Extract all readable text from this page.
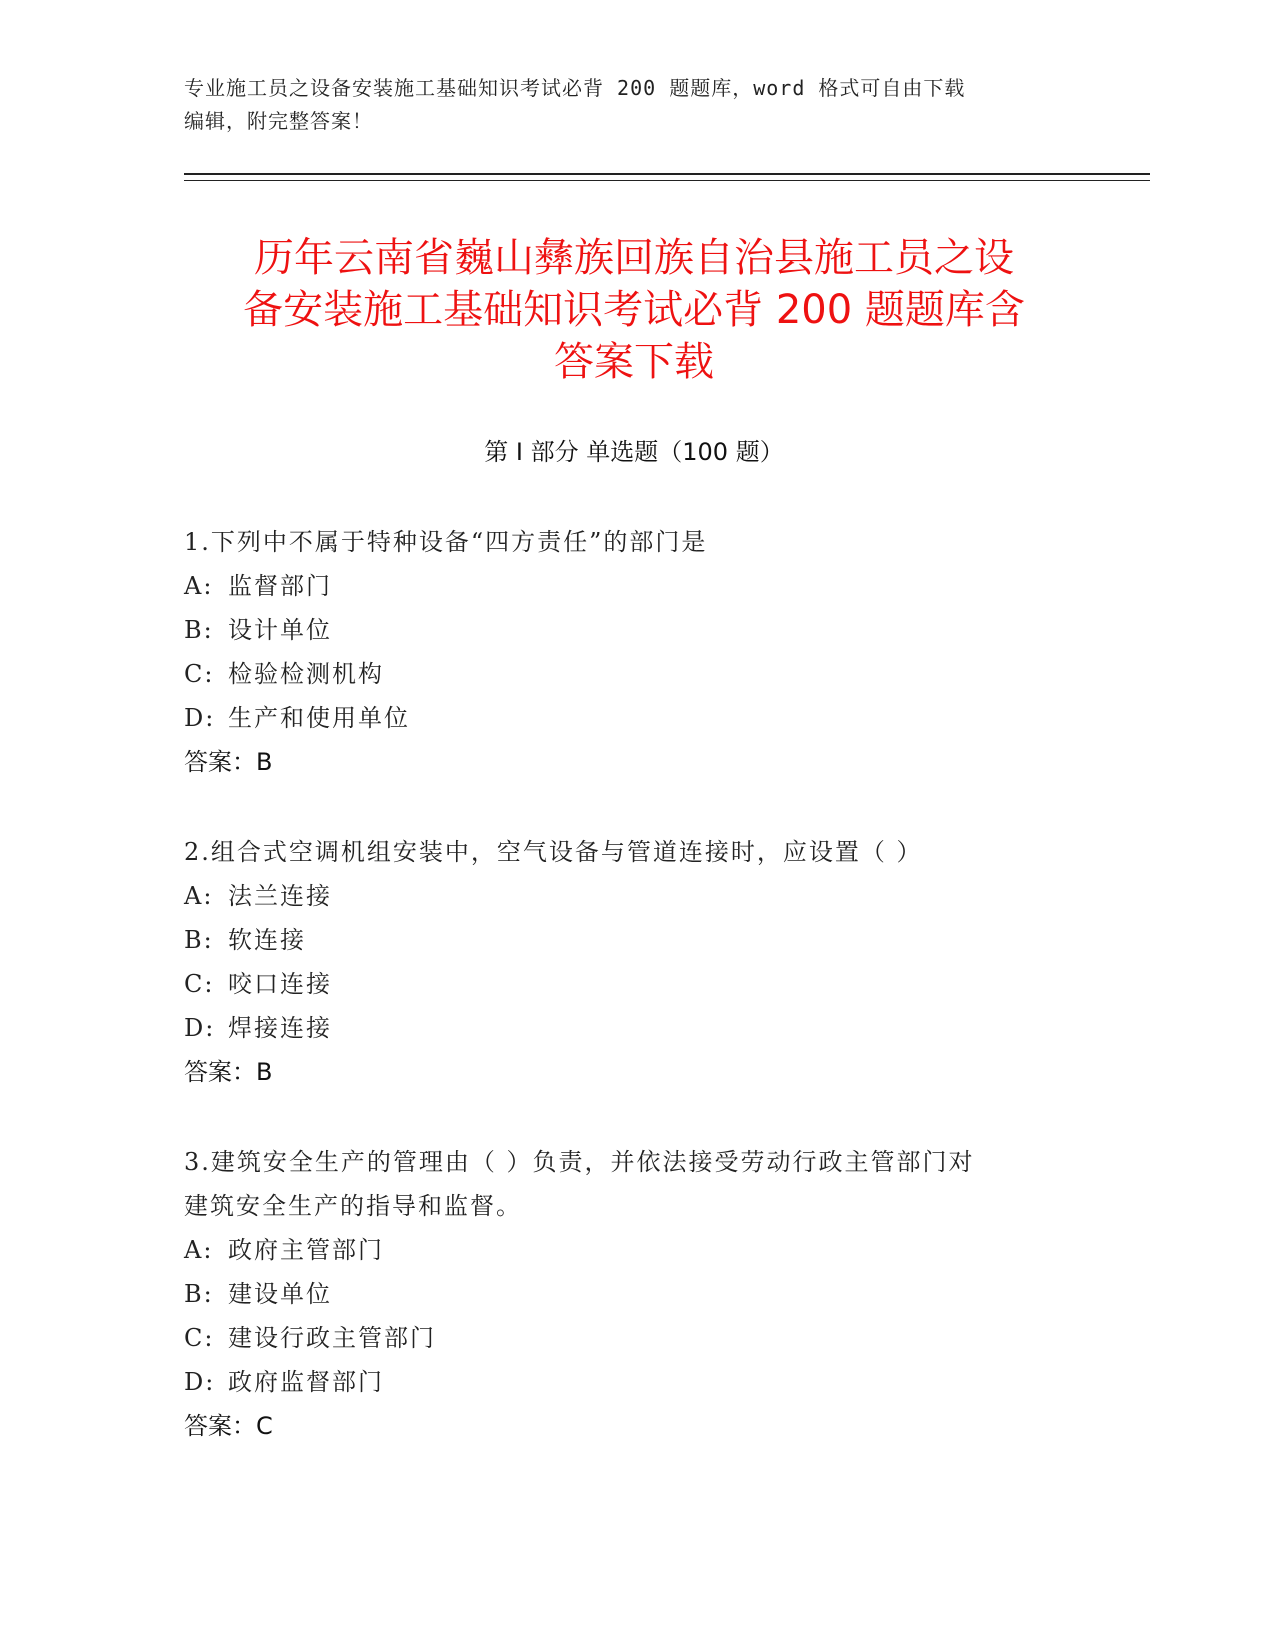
专业施工员之设备安装施工基础知识考试必背 200 题题库，word 格式可自由下载
编辑，附完整答案！
历年云南省巍山彝族回族自治县施工员之设
备安装施工基础知识考试必背 200 题题库含
答案下载
第 I 部分 单选题（100 题）

1.下列中不属于特种设备“四方责任”的部门是

A: 监督部门

B: 设计单位

C: 检验检测机构

D: 生产和使用单位

答案：B

2.组合式空调机组安装中，空气设备与管道连接时，应设置（ ）

A: 法兰连接

B: 软连接

C: 咬口连接

D: 焊接连接

答案：B

3.建筑安全生产的管理由（ ）负责，并依法接受劳动行政主管部门对

建筑安全生产的指导和监督。

A: 政府主管部门

B: 建设单位

C: 建设行政主管部门

D: 政府监督部门

答案：C
